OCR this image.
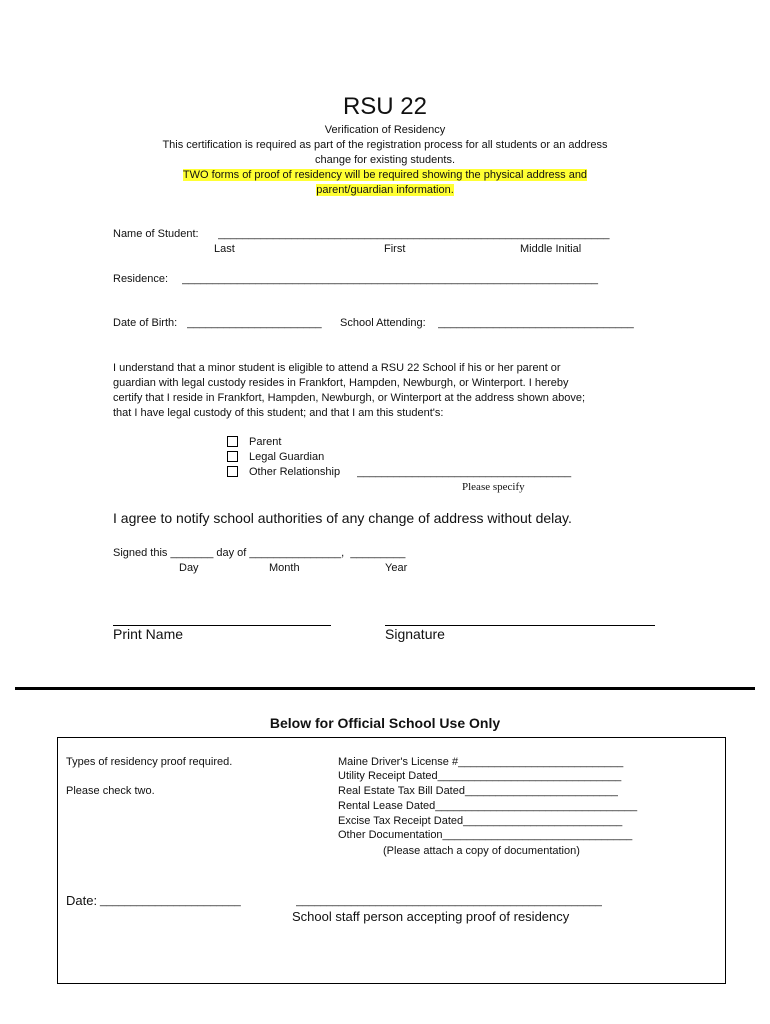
RSU 22
Verification of Residency
This certification is required as part of the registration process for all students or an address
change for existing students.
TWO forms of proof of residency will be required showing the physical address and
parent/guardian information.
Name of Student: ________________________________________________________________
Last	First	Middle Initial
Residence: ____________________________________________________________________
Date of Birth: ______________________	School Attending: ________________________________
I understand that a minor student is eligible to attend a RSU 22 School if his or her parent or
guardian with legal custody resides in Frankfort, Hampden, Newburgh, or Winterport. I hereby
certify that I reside in Frankfort, Hampden, Newburgh, or Winterport at the address shown above;
that I have legal custody of this student; and that I am this student's:
Parent
Legal Guardian
Other Relationship ___________________________________
Please specify
I agree to notify school authorities of any change of address without delay.
Signed this _______ day of _______________,  _________
Day	Month	Year
Print Name	Signature
Below for Official School Use Only
Types of residency proof required.
Please check two.
Maine Driver's License #___________________________
Utility Receipt Dated______________________________
Real Estate Tax Bill Dated_________________________
Rental Lease Dated_________________________________
Excise Tax Receipt Dated__________________________
Other Documentation_______________________________
(Please attach a copy of documentation)
Date: _______________________	__________________________________________________
School staff person accepting proof of residency
